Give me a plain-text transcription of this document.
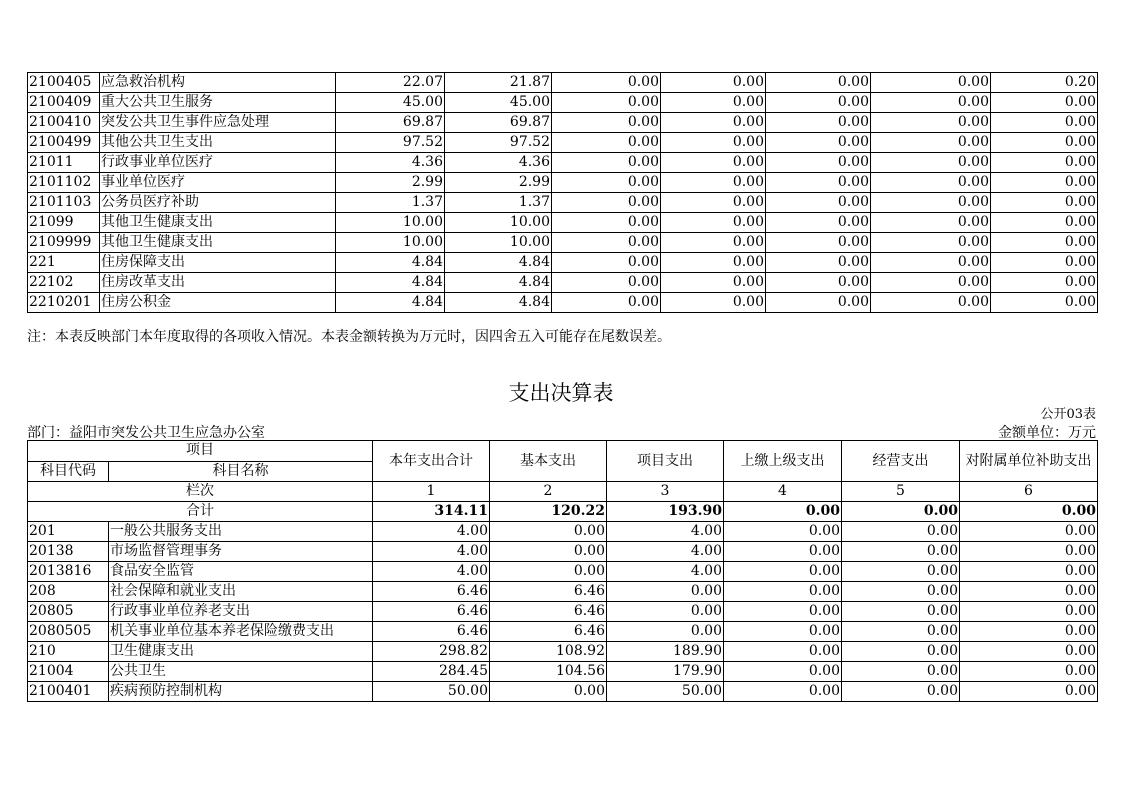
2100405	应急救治机构	22.07	21.87	0.00	0.00	0.00	0.00	0.20
2100409	重大公共卫生服务	45.00	45.00	0.00	0.00	0.00	0.00	0.00
2100410	突发公共卫生事件应急处理	69.87	69.87	0.00	0.00	0.00	0.00	0.00
2100499	其他公共卫生支出	97.52	97.52	0.00	0.00	0.00	0.00	0.00
21011	行政事业单位医疗	4.36	4.36	0.00	0.00	0.00	0.00	0.00
2101102	事业单位医疗	2.99	2.99	0.00	0.00	0.00	0.00	0.00
2101103	公务员医疗补助	1.37	1.37	0.00	0.00	0.00	0.00	0.00
21099	其他卫生健康支出	10.00	10.00	0.00	0.00	0.00	0.00	0.00
2109999	其他卫生健康支出	10.00	10.00	0.00	0.00	0.00	0.00	0.00
221	住房保障支出	4.84	4.84	0.00	0.00	0.00	0.00	0.00
22102	住房改革支出	4.84	4.84	0.00	0.00	0.00	0.00	0.00
2210201	住房公积金	4.84	4.84	0.00	0.00	0.00	0.00	0.00
注：本表反映部门本年度取得的各项收入情况。本表金额转换为万元时，因四舍五入可能存在尾数误差。
支出决算表
公开03表
部门：益阳市突发公共卫生应急办公室	金额单位：万元
项目		本年支出合计	基本支出	项目支出	上缴上级支出	经营支出	对附属单位补助支出
科目代码	科目名称						
栏次		1	2	3	4	5	6
合计		314.11	120.22	193.90	0.00	0.00	0.00
201	一般公共服务支出	4.00	0.00	4.00	0.00	0.00	0.00
20138	市场监督管理事务	4.00	0.00	4.00	0.00	0.00	0.00
2013816	食品安全监管	4.00	0.00	4.00	0.00	0.00	0.00
208	社会保障和就业支出	6.46	6.46	0.00	0.00	0.00	0.00
20805	行政事业单位养老支出	6.46	6.46	0.00	0.00	0.00	0.00
2080505	机关事业单位基本养老保险缴费支出	6.46	6.46	0.00	0.00	0.00	0.00
210	卫生健康支出	298.82	108.92	189.90	0.00	0.00	0.00
21004	公共卫生	284.45	104.56	179.90	0.00	0.00	0.00
2100401	疾病预防控制机构	50.00	0.00	50.00	0.00	0.00	0.00
